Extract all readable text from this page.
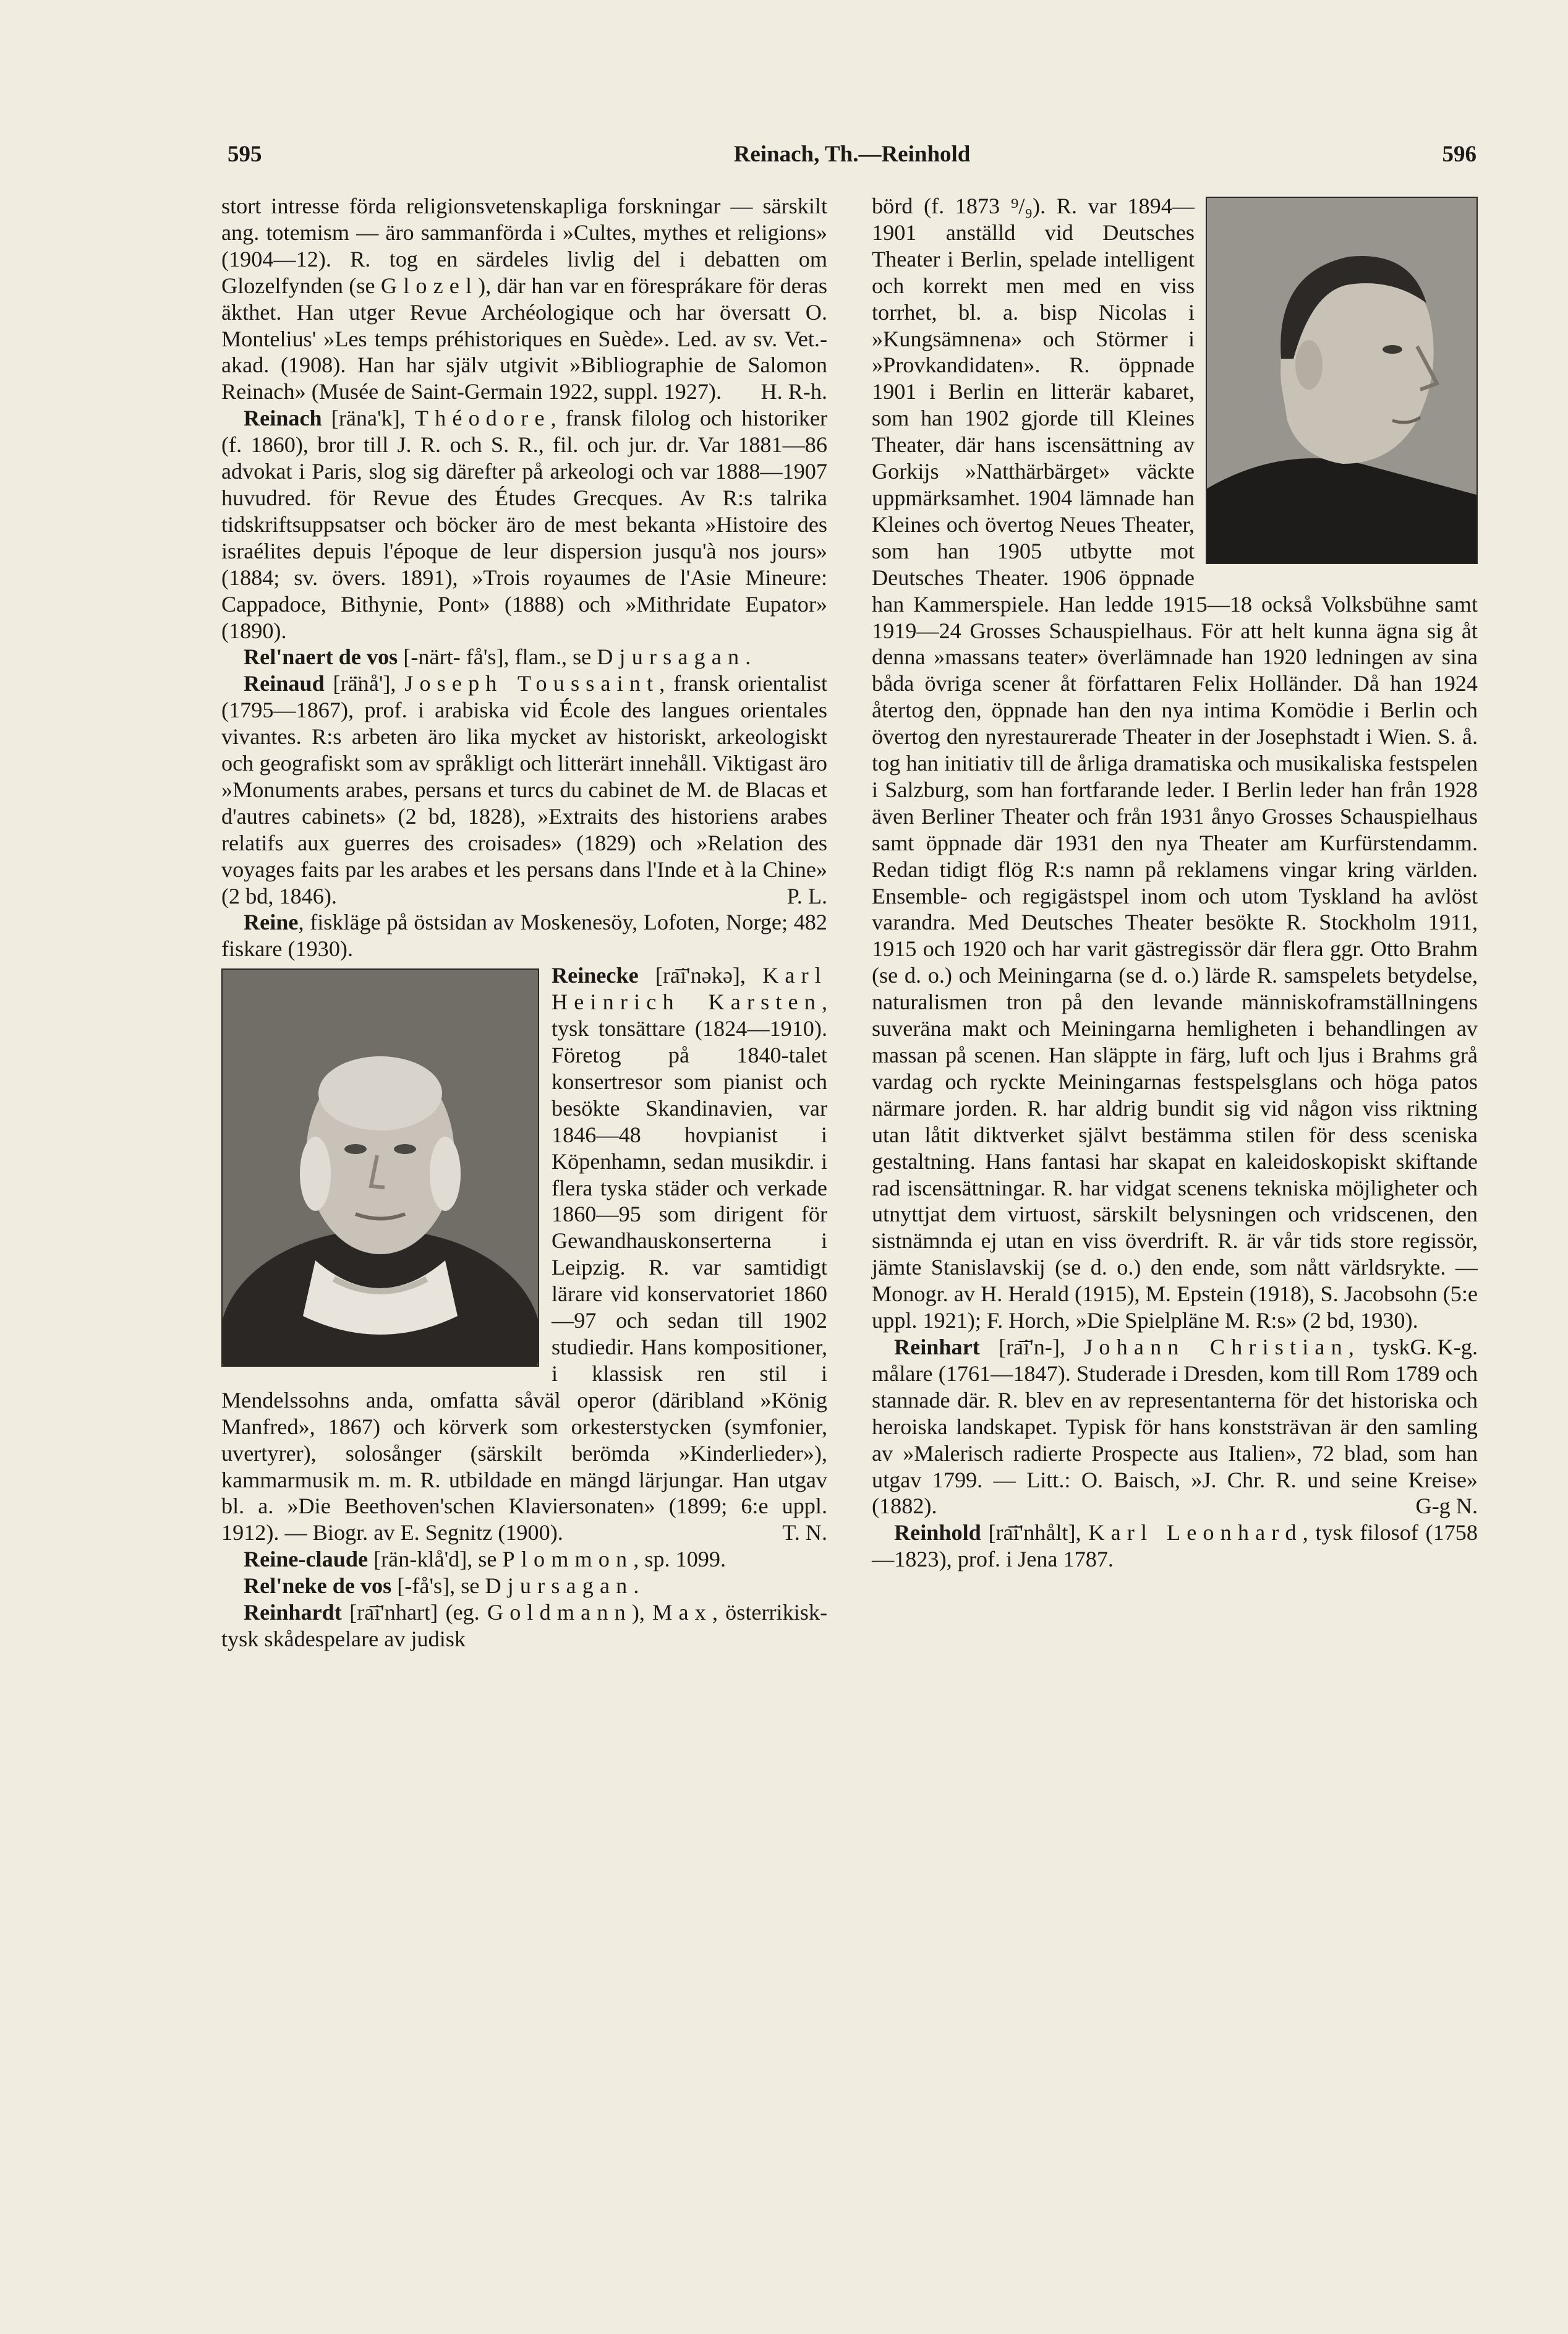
595	Reinach, Th.—Reinhold	596

stort intresse förda religionsvetenskapliga forskningar — särskilt ang. totemism — äro sammanförda i »Cultes, mythes et religions» (1904—12). R. tog en särdeles livlig del i debatten om Glozelfynden (se Glozel), där han var en föresprákare för deras äkthet. Han utger Revue Archéologique och har översatt O. Montelius' »Les temps préhistoriques en Suède». Led. av sv. Vet.-akad. (1908). Han har själv utgivit »Bibliographie de Salomon Reinach» (Musée de Saint-Germain 1922, suppl. 1927). H. R-h.

Reinach [räna'k], Théodore, fransk filolog och historiker (f. 1860), bror till J. R. och S. R., fil. och jur. dr. Var 1881—86 advokat i Paris, slog sig därefter på arkeologi och var 1888—1907 huvudred. för Revue des Études Grecques. Av R:s talrika tidskriftsuppsatser och böcker äro de mest bekanta »Histoire des israélites depuis l'époque de leur dispersion jusqu'à nos jours» (1884; sv. övers. 1891), »Trois royaumes de l'Asie Mineure: Cappadoce, Bithynie, Pont» (1888) och »Mithridate Eupator» (1890).

Rel'naert de vos [-närt- få's], flam., se Djursagan.

Reinaud [rä̈nå'], Joseph Toussaint, fransk orientalist (1795—1867), prof. i arabiska vid École des langues orientales vivantes. R:s arbeten äro lika mycket av historiskt, arkeologiskt och geografiskt som av språkligt och litterärt innehåll. Viktigast äro »Monuments arabes, persans et turcs du cabinet de M. de Blacas et d'autres cabinets» (2 bd, 1828), »Extraits des historiens arabes relatifs aux guerres des croisades» (1829) och »Relation des voyages faits par les arabes et les persans dans l'Inde et à la Chine» (2 bd, 1846).	P. L.

Reine, fiskläge på östsidan av Moskenesöy, Lofoten, Norge; 482 fiskare (1930).

Reinecke [ra͞i'nəkə], Karl Heinrich Karsten, tysk tonsättare (1824—1910). Företog på 1840-talet konsertresor som pianist och besökte Skandinavien, var 1846—48 hovpianist i Köpenhamn, sedan musikdir. i flera tyska städer och verkade 1860—95 som dirigent för Gewandhauskonserterna i Leipzig. R. var samtidigt lärare vid konservatoriet 1860—97 och sedan till 1902 studiedir. Hans kompositioner, i klassisk ren stil i Mendelssohns anda, omfatta såväl operor (däribland »König Manfred», 1867) och körverk som orkesterstycken (symfonier, uvertyrer), solosånger (särskilt berömda »Kinderlieder»), kammarmusik m. m. R. utbildade en mängd lärjungar. Han utgav bl. a. »Die Beethoven'schen Klaviersonaten» (1899; 6:e uppl. 1912). — Biogr. av E. Segnitz (1900).	T. N.

Reine-claude [rän-klå'd], se Plommon, sp. 1099.

Rel'neke de vos [-få's], se Djursagan.

Reinhardt [ra͞i'nhart] (eg. Goldmann), Max, österrikisk-tysk skådespelare av judisk

börd (f. 1873 ⁹/₉). R. var 1894—1901 anställd vid Deutsches Theater i Berlin, spelade intelligent och korrekt men med en viss torrhet, bl. a. bisp Nicolas i »Kungsämnena» och Störmer i »Provkandidaten». R. öppnade 1901 i Berlin en litterär kabaret, som han 1902 gjorde till Kleines Theater, där hans iscensättning av Gorkijs »Natthärbärget» väckte uppmärksamhet. 1904 lämnade han Kleines och övertog Neues Theater, som han 1905 utbytte mot Deutsches Theater. 1906 öppnade han Kammerspiele. Han ledde 1915—18 också Volksbühne samt 1919—24 Grosses Schauspielhaus. För att helt kunna ägna sig åt denna »massans teater» överlämnade han 1920 ledningen av sina båda övriga scener åt författaren Felix Holländer. Då han 1924 återtog den, öppnade han den nya intima Komödie i Berlin och övertog den nyrestaurerade Theater in der Josephstadt i Wien. S. å. tog han initiativ till de årliga dramatiska och musikaliska festspelen i Salzburg, som han fortfarande leder. I Berlin leder han från 1928 även Berliner Theater och från 1931 ånyo Grosses Schauspielhaus samt öppnade där 1931 den nya Theater am Kurfürstendamm. Redan tidigt flög R:s namn på reklamens vingar kring världen. Ensemble- och regigästspel inom och utom Tyskland ha avlöst varandra. Med Deutsches Theater besökte R. Stockholm 1911, 1915 och 1920 och har varit gästregissör där flera ggr. Otto Brahm (se d. o.) och Meiningarna (se d. o.) lärde R. samspelets betydelse, naturalismen tron på den levande människoframställningens suveräna makt och Meiningarna hemligheten i behandlingen av massan på scenen. Han släppte in färg, luft och ljus i Brahms grå vardag och ryckte Meiningarnas festspelsglans och höga patos närmare jorden. R. har aldrig bundit sig vid någon viss riktning utan låtit diktverket självt bestämma stilen för dess sceniska gestaltning. Hans fantasi har skapat en kaleidoskopiskt skiftande rad iscensättningar. R. har vidgat scenens tekniska möjligheter och utnyttjat dem virtuost, särskilt belysningen och vridscenen, den sistnämnda ej utan en viss överdrift. R. är vår tids store regissör, jämte Stanislavskij (se d. o.) den ende, som nått världsrykte. — Monogr. av H. Herald (1915), M. Epstein (1918), S. Jacobsohn (5:e uppl. 1921); F. Horch, »Die Spielpläne M. R:s» (2 bd, 1930).
G. K-g.

Reinhart [ra͞i'n-], Johann Christian, tysk målare (1761—1847). Studerade i Dresden, kom till Rom 1789 och stannade där. R. blev en av representanterna för det historiska och heroiska landskapet. Typisk för hans konststrävan är den samling av »Malerisch radierte Prospecte aus Italien», 72 blad, som han utgav 1799. — Litt.: O. Baisch, »J. Chr. R. und seine Kreise» (1882).	G-g N.

Reinhold [ra͞i'nhålt], Karl Leonhard, tysk filosof (1758—1823), prof. i Jena 1787.
